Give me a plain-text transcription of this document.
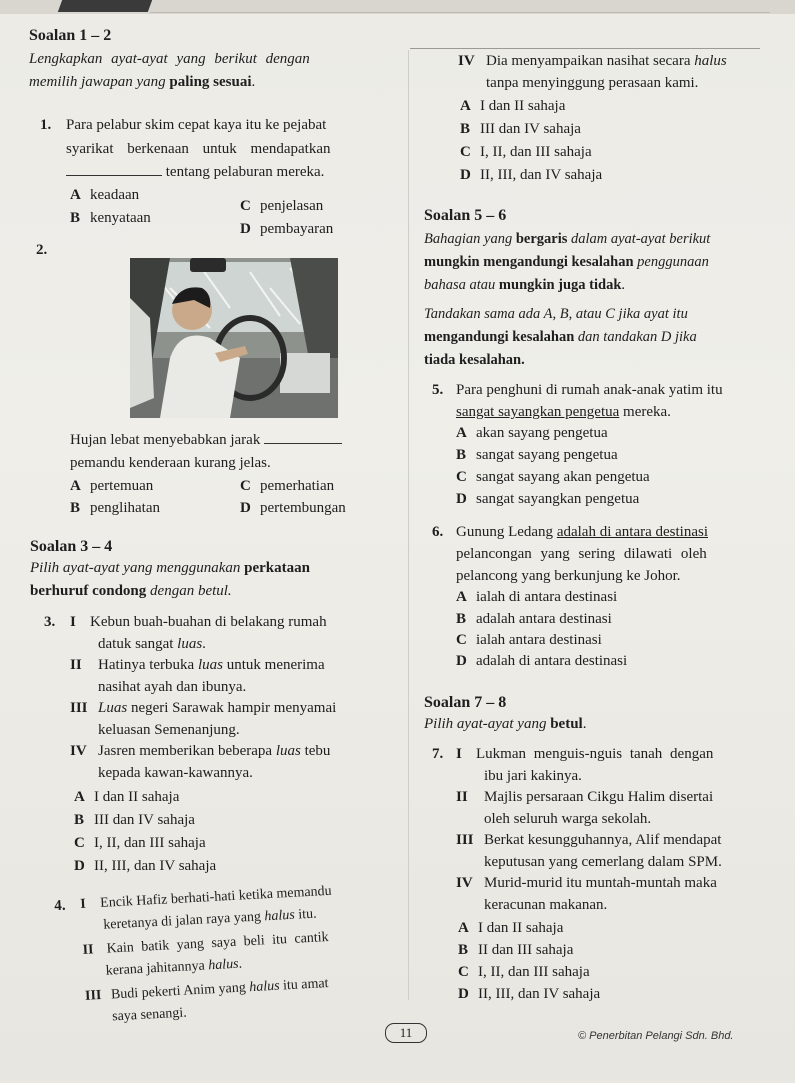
Soalan 1 – 2
Lengkapkan ayat-ayat yang berikut dengan
memilih jawapan yang paling sesuai.
1. Para pelabur skim cepat kaya itu ke pejabat
syarikat berkenaan untuk mendapatkan
tentang pelaburan mereka.
A keadaan
B kenyataan
C penjelasan
D pembayaran
2.
Hujan lebat menyebabkan jarak
pemandu kenderaan kurang jelas.
A pertemuan
B penglihatan
C pemerhatian
D pertembungan
Soalan 3 – 4
Pilih ayat-ayat yang menggunakan perkataan
berhuruf condong dengan betul.
3. I Kebun buah-buahan di belakang rumah
datuk sangat luas.
II Hatinya terbuka luas untuk menerima
nasihat ayah dan ibunya.
III Luas negeri Sarawak hampir menyamai
keluasan Semenanjung.
IV Jasren memberikan beberapa luas tebu
kepada kawan-kawannya.
A I dan II sahaja
B III dan IV sahaja
C I, II, dan III sahaja
D II, III, dan IV sahaja
4. I Encik Hafiz berhati-hati ketika memandu
keretanya di jalan raya yang halus itu.
II Kain batik yang saya beli itu cantik
kerana jahitannya halus.
III Budi pekerti Anim yang halus itu amat
saya senangi.
IV Dia menyampaikan nasihat secara halus
tanpa menyinggung perasaan kami.
A I dan II sahaja
B III dan IV sahaja
C I, II, dan III sahaja
D II, III, dan IV sahaja
Soalan 5 – 6
Bahagian yang bergaris dalam ayat-ayat berikut
mungkin mengandungi kesalahan penggunaan
bahasa atau mungkin juga tidak.
Tandakan sama ada A, B, atau C jika ayat itu
mengandungi kesalahan dan tandakan D jika
tiada kesalahan.
5. Para penghuni di rumah anak-anak yatim itu
sangat sayangkan pengetua mereka.
A akan sayang pengetua
B sangat sayang pengetua
C sangat sayang akan pengetua
D sangat sayangkan pengetua
6. Gunung Ledang adalah di antara destinasi
pelancongan yang sering dilawati oleh
pelancong yang berkunjung ke Johor.
A ialah di antara destinasi
B adalah antara destinasi
C ialah antara destinasi
D adalah di antara destinasi
Soalan 7 – 8
Pilih ayat-ayat yang betul.
7. I Lukman menguis-nguis tanah dengan
ibu jari kakinya.
II Majlis persaraan Cikgu Halim disertai
oleh seluruh warga sekolah.
III Berkat kesungguhannya, Alif mendapat
keputusan yang cemerlang dalam SPM.
IV Murid-murid itu muntah-muntah maka
keracunan makanan.
A I dan II sahaja
B II dan III sahaja
C I, II, dan III sahaja
D II, III, dan IV sahaja
11	© Penerbitan Pelangi Sdn. Bhd.
